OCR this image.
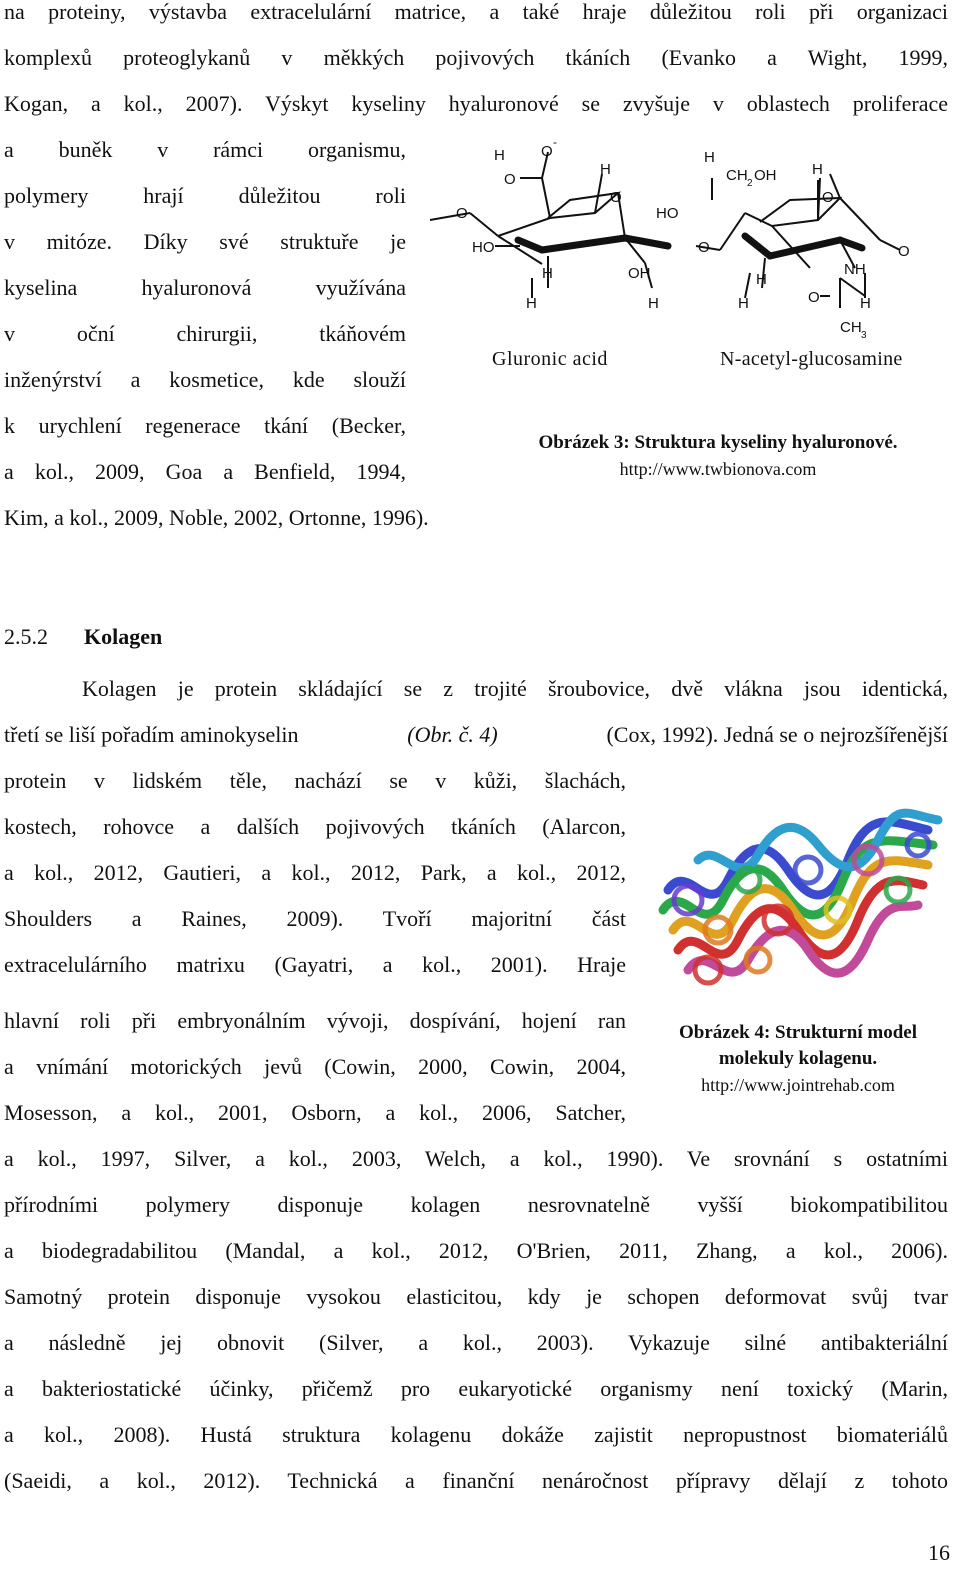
na proteiny, výstavba extracelulární matrice, a také hraje důležitou roli při organizaci
komplexů proteoglykanů v měkkých pojivových tkáních (Evanko a Wight, 1999,
Kogan, a kol., 2007). Výskyt kyseliny hyaluronové se zvyšuje v oblastech proliferace
a buněk v rámci organismu,
polymery hrají důležitou roli
v mitóze. Díky své struktuře je
kyselina hyaluronová využívána
v oční chirurgii, tkáňovém
inženýrství a kosmetice, kde slouží
k urychlení regenerace tkání (Becker,
a kol., 2009, Goa a Benfield, 1994,
Kim, a kol., 2009, Noble, 2002, Ortonne, 1996).
H O
-
O
H
O
O
HO
H
H
OH
H
HO
H
CH 2 OH H
O
O	O
H
H
NH
O	H
CH 3
Gluronic acid	N-acetyl-glucosamine
Obrázek 3: Struktura kyseliny hyaluronové.
http://www.twbionova.com
2.5.2 Kolagen
Kolagen je protein skládající se z trojité šroubovice, dvě vlákna jsou identická,
třetí se liší pořadím aminokyselin	(Obr. č. 4)	(Cox, 1992). Jedná se o nejrozšířenější
protein v lidském těle, nachází se v kůži, šlachách,
kostech, rohovce a dalších pojivových tkáních (Alarcon,
a kol., 2012, Gautieri, a kol., 2012, Park, a kol., 2012,
Shoulders a Raines, 2009). Tvoří majoritní část
extracelulárního matrixu (Gayatri, a kol., 2001). Hraje
hlavní roli při embryonálním vývoji, dospívání, hojení ran
a vnímání motorických jevů (Cowin, 2000, Cowin, 2004,
Mosesson, a kol., 2001, Osborn, a kol., 2006, Satcher,
a kol., 1997, Silver, a kol., 2003, Welch, a kol., 1990). Ve srovnání s ostatními
přírodními polymery disponuje kolagen nesrovnatelně vyšší biokompatibilitou
a biodegradabilitou (Mandal, a kol., 2012, O'Brien, 2011, Zhang, a kol., 2006).
Samotný protein disponuje vysokou elasticitou, kdy je schopen deformovat svůj tvar
a následně jej obnovit (Silver, a kol., 2003). Vykazuje silné antibakteriální
a bakteriostatické účinky, přičemž pro eukaryotické organismy není toxický (Marin,
a kol., 2008). Hustá struktura kolagenu dokáže zajistit nepropustnost biomateriálů
(Saeidi, a kol., 2012). Technická a finanční nenáročnost přípravy dělají z tohoto
Obrázek 4: Strukturní model
molekuly kolagenu.
http://www.jointrehab.com
16
